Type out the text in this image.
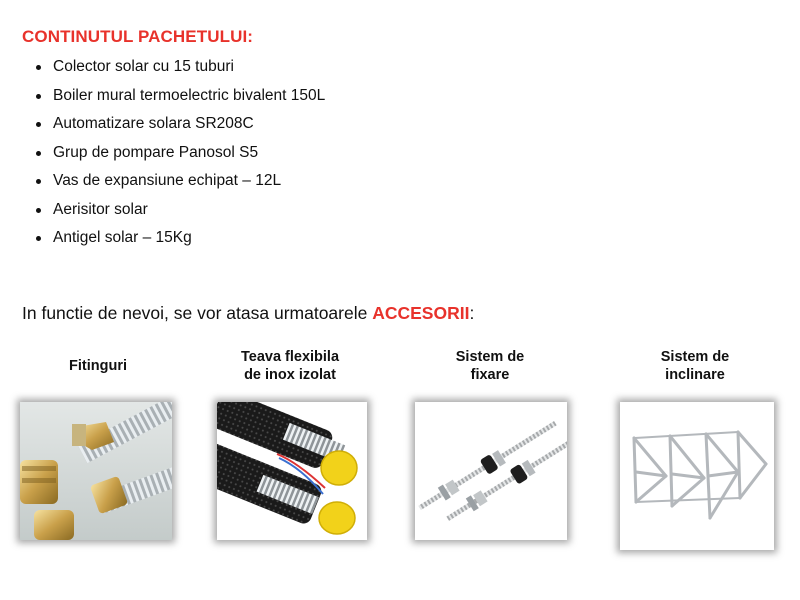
CONTINUTUL PACHETULUI:
Colector solar cu 15 tuburi
Boiler mural termoelectric bivalent 150L
Automatizare solara SR208C
Grup de pompare Panosol S5
Vas de expansiune echipat – 12L
Aerisitor solar
Antigel solar – 15Kg
In functie de nevoi, se vor atasa urmatoarele ACCESORII:
Fitinguri
Teava flexibila
de inox izolat
Sistem de
fixare
Sistem de
inclinare
